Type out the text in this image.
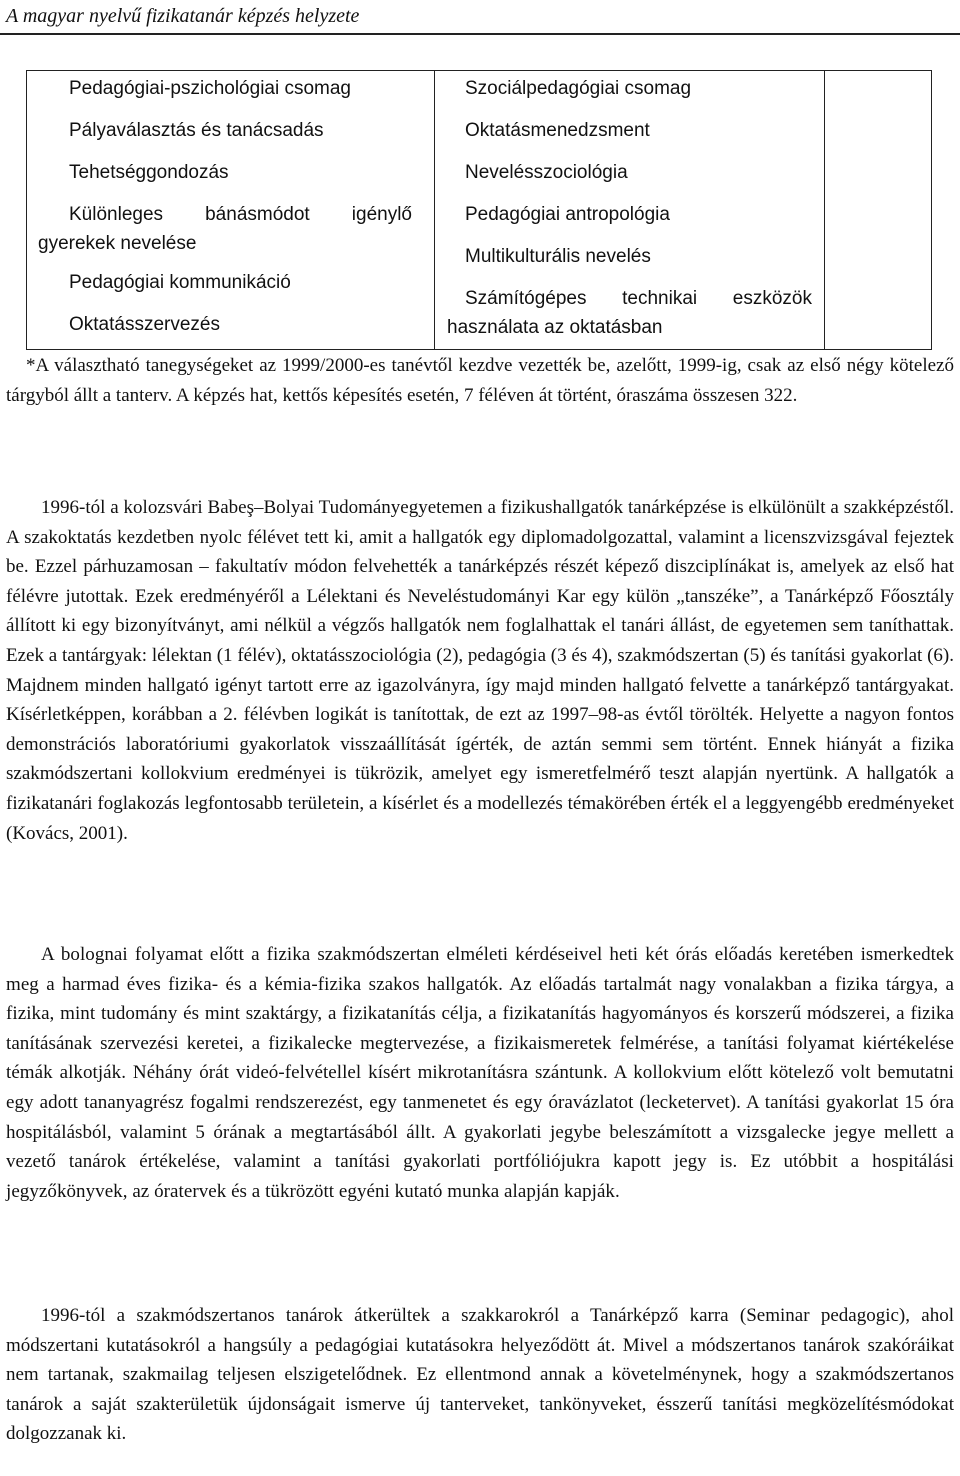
A magyar nyelvű fizikatanár képzés helyzete

Pedagógiai-pszichológiai csomag

Pályaválasztás és tanácsadás

Tehetséggondozás

Különleges bánásmódot igénylő gyerekek nevelése

Pedagógiai kommunikáció

Oktatásszervezés

Szociálpedagógiai csomag

Oktatásmenedzsment

Nevelésszociológia

Pedagógiai antropológia

Multikulturális nevelés

Számítógépes technikai eszközök használata az oktatásban

*A választható tanegységeket az 1999/2000-es tanévtől kezdve vezették be, azelőtt, 1999-ig, csak az első négy kötelező tárgyból állt a tanterv. A képzés hat, kettős képesítés esetén, 7 féléven át történt, óraszáma összesen 322.

1996-tól a kolozsvári Babeş–Bolyai Tudományegyetemen a fizikushallgatók tanárképzése is elkülönült a szakképzéstől. A szakoktatás kezdetben nyolc félévet tett ki, amit a hallgatók egy diplomadolgozattal, valamint a licenszvizsgával fejeztek be. Ezzel párhuzamosan – fakultatív módon felvehették a tanárképzés részét képező diszciplínákat is, amelyek az első hat félévre jutottak. Ezek eredményéről a Lélektani és Neveléstudományi Kar egy külön „tanszéke”, a Tanárképző Főosztály állított ki egy bizonyítványt, ami nélkül a végzős hallgatók nem foglalhattak el tanári állást, de egyetemen sem taníthattak. Ezek a tantárgyak: lélektan (1 félév), oktatásszociológia (2), pedagógia (3 és 4), szakmódszertan (5) és tanítási gyakorlat (6). Majdnem minden hallgató igényt tartott erre az igazolványra, így majd minden hallgató felvette a tanárképző tantárgyakat. Kísérletképpen, korábban a 2. félévben logikát is tanítottak, de ezt az 1997–98-as évtől törölték. Helyette a nagyon fontos demonstrációs laboratóriumi gyakorlatok visszaállítását ígérték, de aztán semmi sem történt. Ennek hiányát a fizika szakmódszertani kollokvium eredményei is tükrözik, amelyet egy ismeretfelmérő teszt alapján nyertünk. A hallgatók a fizikatanári foglakozás legfontosabb területein, a kísérlet és a modellezés témakörében érték el a leggyengébb eredményeket (Kovács, 2001).

A bolognai folyamat előtt a fizika szakmódszertan elméleti kérdéseivel heti két órás előadás keretében ismerkedtek meg a harmad éves fizika- és a kémia-fizika szakos hallgatók. Az előadás tartalmát nagy vonalakban a fizika tárgya, a fizika, mint tudomány és mint szaktárgy, a fizikatanítás célja, a fizikatanítás hagyományos és korszerű módszerei, a fizika tanításának szervezési keretei, a fizikalecke megtervezése, a fizikaismeretek felmérése, a tanítási folyamat kiértékelése témák alkotják. Néhány órát videó-felvétellel kísért mikrotanításra szántunk. A kollokvium előtt kötelező volt bemutatni egy adott tananyagrész fogalmi rendszerezést, egy tanmenetet és egy óravázlatot (lecketervet). A tanítási gyakorlat 15 óra hospitálásból, valamint 5 órának a megtartásából állt. A gyakorlati jegybe beleszámított a vizsgalecke jegye mellett a vezető tanárok értékelése, valamint a tanítási gyakorlati portfóliójukra kapott jegy is. Ez utóbbit a hospitálási jegyzőkönyvek, az óratervek és a tükrözött egyéni kutató munka alapján kapják.

1996-tól a szakmódszertanos tanárok átkerültek a szakkarokról a Tanárképző karra (Seminar pedagogic), ahol módszertani kutatásokról a hangsúly a pedagógiai kutatásokra helyeződött át. Mivel a módszertanos tanárok szakóráikat nem tartanak, szakmailag teljesen elszigetelődnek. Ez ellentmond annak a követelménynek, hogy a szakmódszertanos tanárok a saját szakterületük újdonságait ismerve új tanterveket, tankönyveket, ésszerű tanítási megközelítésmódokat dolgozzanak ki.
